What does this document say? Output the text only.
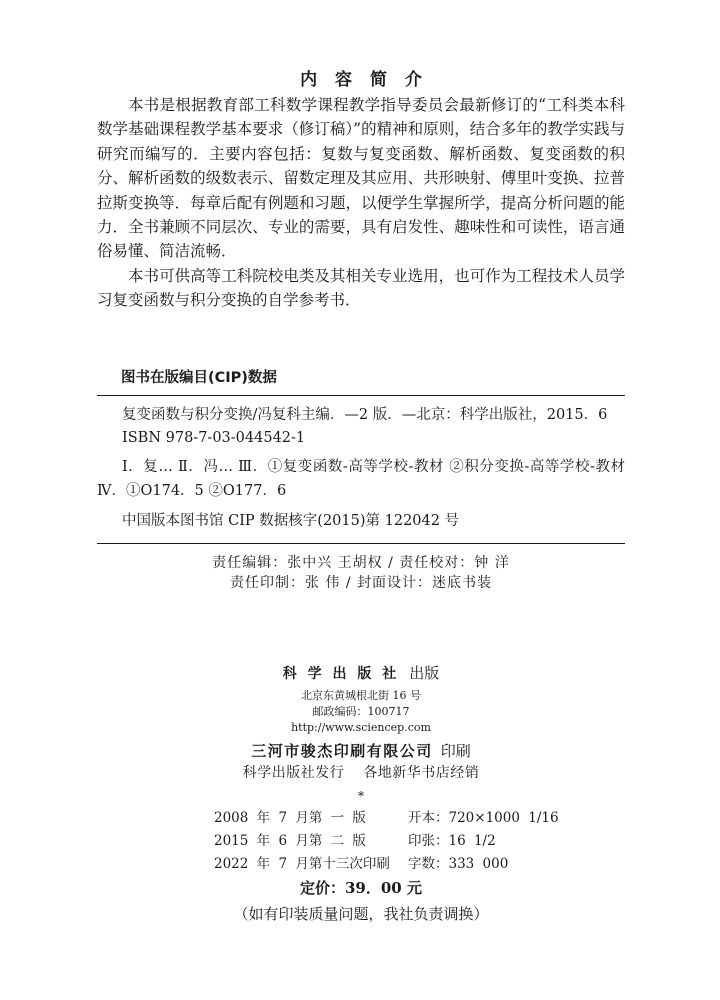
内 容 简 介

本书是根据教育部工科数学课程教学指导委员会最新修订的“工科类本科数学基础课程教学基本要求（修订稿）”的精神和原则，结合多年的教学实践与研究而编写的．主要内容包括：复数与复变函数、解析函数、复变函数的积分、解析函数的级数表示、留数定理及其应用、共形映射、傅里叶变换、拉普拉斯变换等．每章后配有例题和习题，以便学生掌握所学，提高分析问题的能力．全书兼顾不同层次、专业的需要，具有启发性、趣味性和可读性，语言通俗易懂、简洁流畅．

本书可供高等工科院校电类及其相关专业选用，也可作为工程技术人员学习复变函数与积分变换的自学参考书．

图书在版编目(CIP)数据

复变函数与积分变换/冯复科主编．—2 版．—北京：科学出版社，2015．6

ISBN 978-7-03-044542-1

Ⅰ．复… Ⅱ．冯… Ⅲ．①复变函数-高等学校-教材 ②积分变换-高等学校-教材 Ⅳ．①O174．5 ②O177．6

中国版本图书馆 CIP 数据核字(2015)第 122042 号

责任编辑：张中兴 王胡权 / 责任校对：钟 洋
责任印制：张 伟 / 封面设计：迷底书装
科 学 出 版 社 出版
北京东黄城根北街 16 号
邮政编码：100717
http://www.sciencep.com
三河市骏杰印刷有限公司 印刷
科学出版社发行 各地新华书店经销
*
2008 年 7 月第 一 版	开本：720×1000 1/16
2015 年 6 月第 二 版	印张：16 1/2
2022 年 7 月第十三次印刷	字数：333 000
定价：39．00 元
（如有印装质量问题，我社负责调换）
